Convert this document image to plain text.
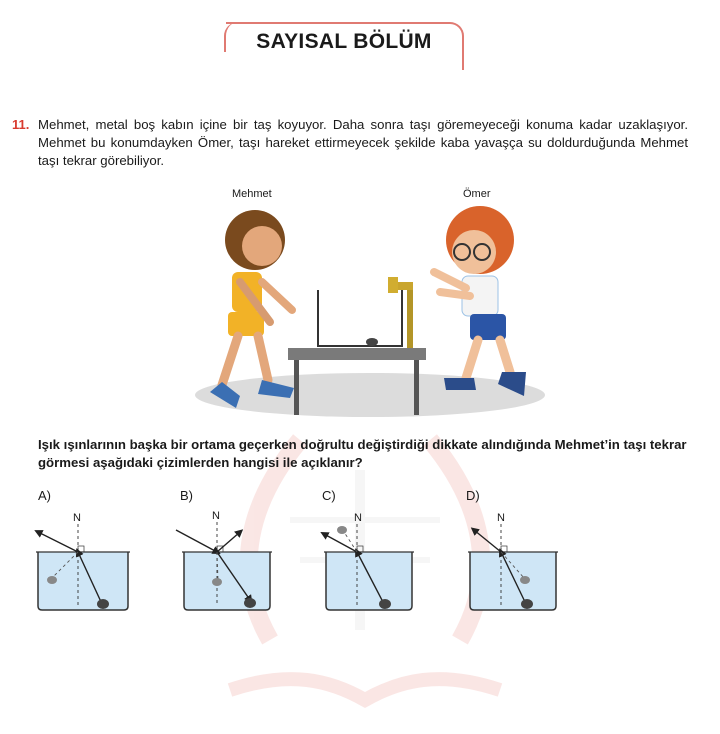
SAYISAL BÖLÜM
11. Mehmet, metal boş kabın içine bir taş koyuyor. Daha sonra taşı göremeyeceği konuma kadar uzaklaşıyor. Mehmet bu konumdayken Ömer, taşı hareket ettirmeyecek şekilde kaba yavaşça su doldurduğunda Mehmet taşı tekrar görebiliyor.
Mehmet	Ömer
Işık ışınlarının başka bir ortama geçerken doğrultu değiştirdiği dikkate alındığında Mehmet’in taşı tekrar görmesi aşağıdaki çizimlerden hangisi ile açıklanır?
A)	B)	C)	D)
N	N	N	N
